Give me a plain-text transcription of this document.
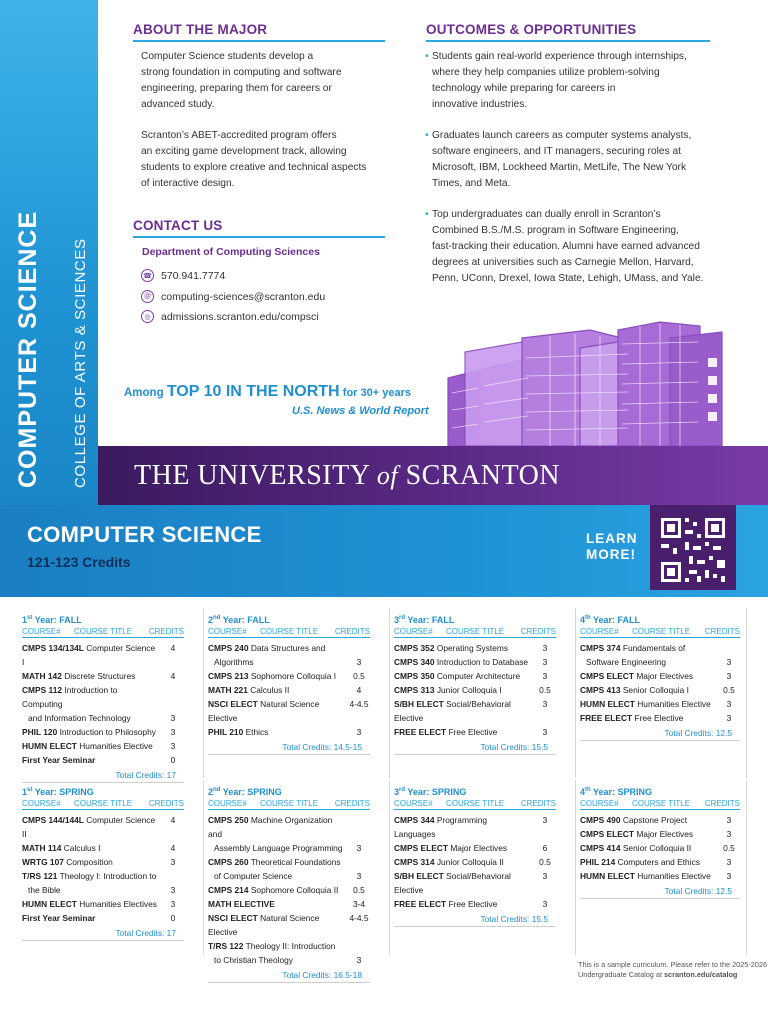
COMPUTER SCIENCE COLLEGE OF ARTS & SCIENCES
ABOUT THE MAJOR
Computer Science students develop a
strong foundation in computing and software
engineering, preparing them for careers or
advanced study.
Scranton’s ABET-accredited program offers
an exciting game development track, allowing
students to explore creative and technical aspects
of interactive design.
CONTACT US
Department of Computing Sciences
☎ 570.941.7774
@ computing-sciences@scranton.edu
◎ admissions.scranton.edu/compsci
OUTCOMES & OPPORTUNITIES
• Students gain real-world experience through internships,
where they help companies utilize problem-solving
technology while preparing for careers in
innovative industries.
• Graduates launch careers as computer systems analysts,
software engineers, and IT managers, securing roles at
Microsoft, IBM, Lockheed Martin, MetLife, The New York
Times, and Meta.
• Top undergraduates can dually enroll in Scranton’s
Combined B.S./M.S. program in Software Engineering,
fast-tracking their education. Alumni have earned advanced
degrees at universities such as Carnegie Mellon, Harvard,
Penn, UConn, Drexel, Iowa State, Lehigh, UMass, and Yale.
Among TOP 10 IN THE NORTH for 30+ years
U.S. News & World Report
THE UNIVERSITY of SCRANTON
COMPUTER SCIENCE
121-123 Credits
LEARN
MORE!
1st Year: FALL
COURSE#	COURSE TITLE	CREDITS
CMPS 134/134L Computer Science I
4
MATH 142 Discrete Structures	4
CMPS 112 Introduction to Computing
and Information Technology	3
PHIL 120 Introduction to Philosophy	3
HUMN ELECT Humanities Elective	3
First Year Seminar	0
Total Credits: 17
2nd Year: FALL
COURSE#	COURSE TITLE	CREDITS
CMPS 240 Data Structures and
Algorithms	3
CMPS 213 Sophomore Colloquia I	0.5
MATH 221 Calculus II	4
NSCI ELECT Natural Science Elective
4-4.5
PHIL 210 Ethics	3
Total Credits: 14.5-15
3rd Year: FALL
COURSE#	COURSE TITLE	CREDITS
CMPS 352 Operating Systems	3
CMPS 340 Introduction to Database	3
CMPS 350 Computer Architecture	3
CMPS 313 Junior Colloquia I	0.5
S/BH ELECT Social/Behavioral Elective
3
FREE ELECT Free Elective	3
Total Credits: 15.5
4th Year: FALL
COURSE#	COURSE TITLE	CREDITS
CMPS 374 Fundamentals of
Software Engineering	3
CMPS ELECT Major Electives	3
CMPS 413 Senior Colloquia I	0.5
HUMN ELECT Humanities Elective	3
FREE ELECT Free Elective	3
Total Credits: 12.5
1st Year: SPRING
COURSE#	COURSE TITLE	CREDITS
CMPS 144/144L Computer Science II
4
MATH 114 Calculus I	4
WRTG 107 Composition	3
T/RS 121 Theology I: Introduction to
the Bible	3
HUMN ELECT Humanities Electives	3
First Year Seminar	0
Total Credits: 17
2nd Year: SPRING
COURSE#	COURSE TITLE	CREDITS
CMPS 250 Machine Organization and
Assembly Language Programming	3
CMPS 260 Theoretical Foundations
of Computer Science	3
CMPS 214 Sophomore Colloquia II	0.5
MATH ELECTIVE	3-4
NSCI ELECT Natural Science Elective
4-4.5
T/RS 122 Theology II: Introduction
to Christian Theology	3
Total Credits: 16.5-18
3rd Year: SPRING
COURSE#	COURSE TITLE	CREDITS
CMPS 344 Programming Languages
3
CMPS ELECT Major Electives	6
CMPS 314 Junior Colloquia II	0.5
S/BH ELECT Social/Behavioral Elective
3
FREE ELECT Free Elective	3
Total Credits: 15.5
4th Year: SPRING
COURSE#	COURSE TITLE	CREDITS
CMPS 490 Capstone Project	3
CMPS ELECT Major Electives	3
CMPS 414 Senior Colloquia II	0.5
PHIL 214 Computers and Ethics	3
HUMN ELECT Humanities Elective	3
Total Credits: 12.5
This is a sample curriculum. Please refer to the 2025-2026
Undergraduate Catalog at scranton.edu/catalog
